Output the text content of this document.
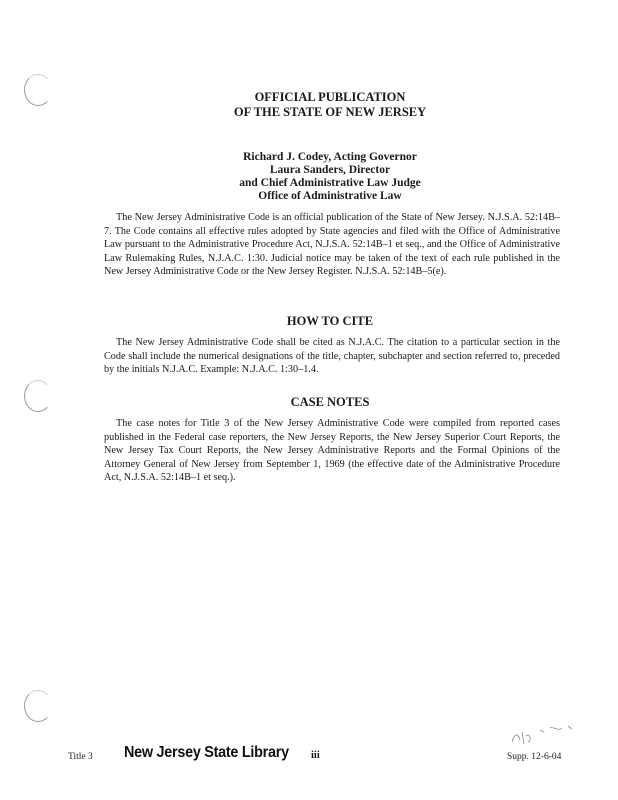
OFFICIAL PUBLICATION
OF THE STATE OF NEW JERSEY
Richard J. Codey, Acting Governor
Laura Sanders, Director
and Chief Administrative Law Judge
Office of Administrative Law

The New Jersey Administrative Code is an official publication of the State of New Jersey. N.J.S.A. 52:14B–7. The Code contains all effective rules adopted by State agencies and filed with the Office of Administrative Law pursuant to the Administrative Procedure Act, N.J.S.A. 52:14B–1 et seq., and the Office of Administrative Law Rulemaking Rules, N.J.A.C. 1:30. Judicial notice may be taken of the text of each rule published in the New Jersey Administrative Code or the New Jersey Register. N.J.S.A. 52:14B–5(e).

HOW TO CITE

The New Jersey Administrative Code shall be cited as N.J.A.C. The citation to a particular section in the Code shall include the numerical designations of the title, chapter, subchapter and section referred to, preceded by the initials N.J.A.C. Example: N.J.A.C. 1:30–1.4.

CASE NOTES

The case notes for Title 3 of the New Jersey Administrative Code were compiled from reported cases published in the Federal case reporters, the New Jersey Reports, the New Jersey Superior Court Reports, the New Jersey Tax Court Reports, the New Jersey Administrative Reports and the Formal Opinions of the Attorney General of New Jersey from September 1, 1969 (the effective date of the Administrative Procedure Act, N.J.S.A. 52:14B–1 et seq.).

Title 3 New Jersey State Library iii	Supp. 12-6-04
